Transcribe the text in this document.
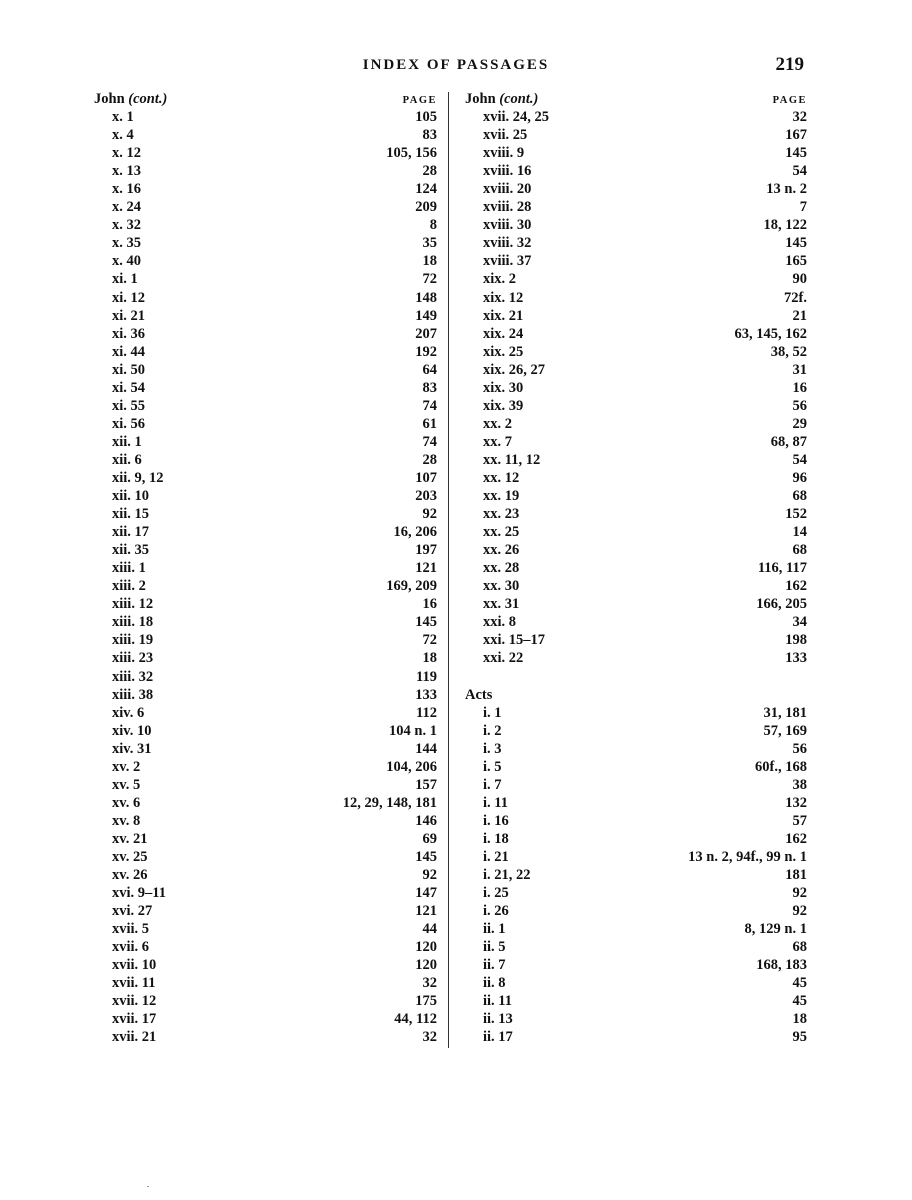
INDEX OF PASSAGES	219
John (cont.)	PAGE
x. 1	105
x. 4	83
x. 12	105, 156
x. 13	28
x. 16	124
x. 24	209
x. 32	8
x. 35	35
x. 40	18
xi. 1	72
xi. 12	148
xi. 21	149
xi. 36	207
xi. 44	192
xi. 50	64
xi. 54	83
xi. 55	74
xi. 56	61
xii. 1	74
xii. 6	28
xii. 9, 12	107
xii. 10	203
xii. 15	92
xii. 17	16, 206
xii. 35	197
xiii. 1	121
xiii. 2	169, 209
xiii. 12	16
xiii. 18	145
xiii. 19	72
xiii. 23	18
xiii. 32	119
xiii. 38	133
xiv. 6	112
xiv. 10	104 n. 1
xiv. 31	144
xv. 2	104, 206
xv. 5	157
xv. 6	12, 29, 148, 181
xv. 8	146
xv. 21	69
xv. 25	145
xv. 26	92
xvi. 9–11	147
xvi. 27	121
xvii. 5	44
xvii. 6	120
xvii. 10	120
xvii. 11	32
xvii. 12	175
xvii. 17	44, 112
xvii. 21	32
John (cont.)	PAGE
xvii. 24, 25	32
xvii. 25	167
xviii. 9	145
xviii. 16	54
xviii. 20	13 n. 2
xviii. 28	7
xviii. 30	18, 122
xviii. 32	145
xviii. 37	165
xix. 2	90
xix. 12	72f.
xix. 21	21
xix. 24	63, 145, 162
xix. 25	38, 52
xix. 26, 27	31
xix. 30	16
xix. 39	56
xx. 2	29
xx. 7	68, 87
xx. 11, 12	54
xx. 12	96
xx. 19	68
xx. 23	152
xx. 25	14
xx. 26	68
xx. 28	116, 117
xx. 30	162
xx. 31	166, 205
xxi. 8	34
xxi. 15–17	198
xxi. 22	133
Acts
i. 1	31, 181
i. 2	57, 169
i. 3	56
i. 5	60f., 168
i. 7	38
i. 11	132
i. 16	57
i. 18	162
i. 21	13 n. 2, 94f., 99 n. 1
i. 21, 22	181
i. 25	92
i. 26	92
ii. 1	8, 129 n. 1
ii. 5	68
ii. 7	168, 183
ii. 8	45
ii. 11	45
ii. 13	18
ii. 17	95
